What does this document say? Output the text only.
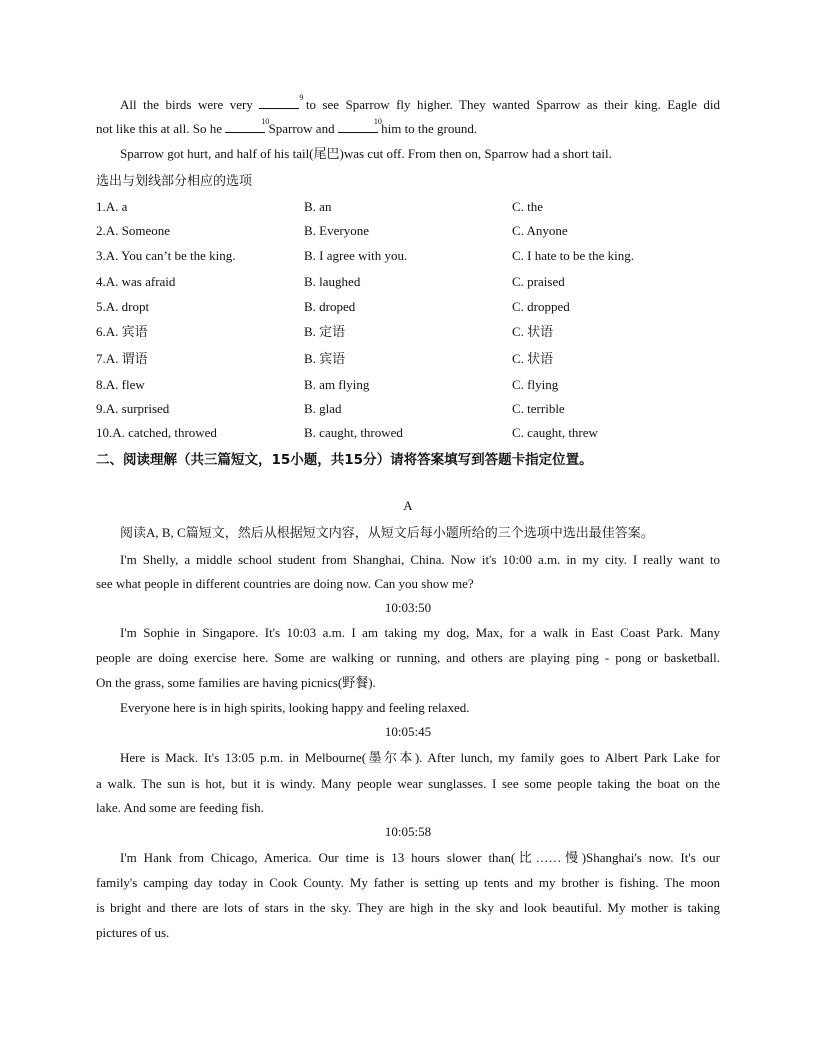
All the birds were very	9 to see Sparrow fly higher. They wanted Sparrow as their king. Eagle did
not like this at all. So he	10 Sparrow and	10 him to the ground.
Sparrow got hurt, and half of his tail(尾巴)was cut off. From then on, Sparrow had a short tail.
选出与划线部分相应的选项
1.A. a	B. an	C. the
2.A. Someone	B. Everyone	C. Anyone
3.A. You can’t be the king.	B. I agree with you.	C. I hate to be the king.
4.A. was afraid	B. laughed	C. praised
5.A. dropt	B. droped	C. dropped
6.A. 宾语	B. 定语	C. 状语
7.A. 谓语	B. 宾语	C. 状语
8.A. flew	B. am flying	C. flying
9.A. surprised	B. glad	C. terrible
10.A. catched, throwed	B. caught, throwed	C. caught, threw
二、阅读理解（共三篇短文，15小题，共15分）请将答案填写到答题卡指定位置。
A
阅读A, B, C篇短文，然后从根据短文内容，从短文后每小题所给的三个选项中选出最佳答案。
I'm Shelly, a middle school student from Shanghai, China. Now it's 10:00 a.m. in my city. I really want to
see what people in different countries are doing now. Can you show me?
10:03:50
I'm Sophie in Singapore. It's 10:03 a.m. I am taking my dog, Max, for a walk in East Coast Park. Many
people are doing exercise here. Some are walking or running, and others are playing ping - pong or basketball.
On the grass, some families are having picnics(野餐).
Everyone here is in high spirits, looking happy and feeling relaxed.
10:05:45
Here is Mack. It's 13:05 p.m. in Melbourne(墨尔本). After lunch, my family goes to Albert Park Lake for
a walk. The sun is hot, but it is windy. Many people wear sunglasses. I see some people taking the boat on the
lake. And some are feeding fish.
10:05:58
I'm Hank from Chicago, America. Our time is 13 hours slower than(比……慢)Shanghai's now. It's our
family's camping day today in Cook County. My father is setting up tents and my brother is fishing. The moon
is bright and there are lots of stars in the sky. They are high in the sky and look beautiful. My mother is taking
pictures of us.
